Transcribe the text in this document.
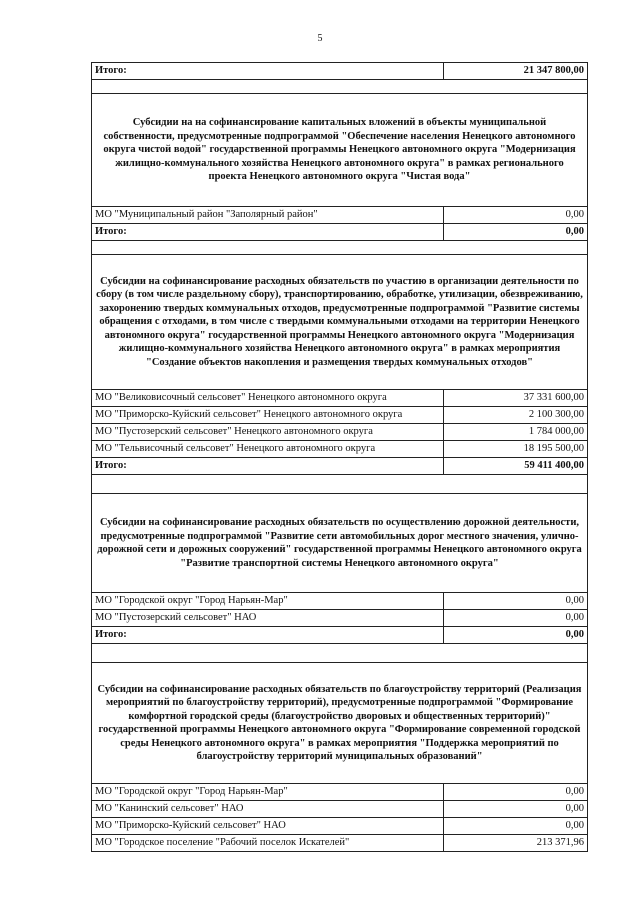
5
Итого:	21 347 800,00

Субсидии на на софинансирование капитальных вложений в объекты муниципальной собственности, предусмотренные подпрограммой "Обеспечение населения Ненецкого автономного округа чистой водой" государственной программы Ненецкого автономного округа "Модернизация жилищно-коммунального хозяйства Ненецкого автономного округа" в рамках регионального проекта Ненецкого автономного округа "Чистая вода"	
МО "Муниципальный район "Заполярный район"	0,00
Итого:	0,00

Субсидии на софинансирование расходных обязательств по участию в организации деятельности по сбору (в том числе раздельному сбору), транспортированию, обработке, утилизации, обезвреживанию, захоронению твердых коммунальных отходов, предусмотренные подпрограммой "Развитие системы обращения с отходами, в том числе с твердыми коммунальными отходами на территории Ненецкого автономного округа" государственной программы Ненецкого автономного округа "Модернизация жилищно-коммунального хозяйства Ненецкого автономного округа" в рамках мероприятия "Создание объектов накопления и размещения твердых коммунальных отходов"	
МО "Великовисочный сельсовет" Ненецкого автономного округа	37 331 600,00
МО "Приморско-Куйский сельсовет" Ненецкого автономного округа	2 100 300,00
МО "Пустозерский сельсовет" Ненецкого автономного округа	1 784 000,00
МО "Тельвисочный сельсовет" Ненецкого автономного округа	18 195 500,00
Итого:	59 411 400,00

Субсидии на софинансирование расходных обязательств по осуществлению дорожной деятельности, предусмотренные подпрограммой "Развитие сети автомобильных дорог местного значения, улично-дорожной сети и дорожных сооружений" государственной программы Ненецкого автономного округа "Развитие транспортной системы Ненецкого автономного округа"	
МО "Городской округ "Город Нарьян-Мар"	0,00
МО "Пустозерский сельсовет" НАО	0,00
Итого:	0,00

Субсидии на софинансирование расходных обязательств по благоустройству территорий (Реализация мероприятий по благоустройству территорий), предусмотренные подпрограммой "Формирование комфортной городской среды (благоустройство дворовых и общественных территорий)" государственной программы Ненецкого автономного округа "Формирование современной городской среды Ненецкого автономного округа" в рамках мероприятия "Поддержка мероприятий по благоустройству территорий муниципальных образований"	
МО "Городской округ "Город Нарьян-Мар"	0,00
МО "Канинский сельсовет" НАО	0,00
МО "Приморско-Куйский сельсовет" НАО	0,00
МО "Городское поселение "Рабочий поселок Искателей"	213 371,96
